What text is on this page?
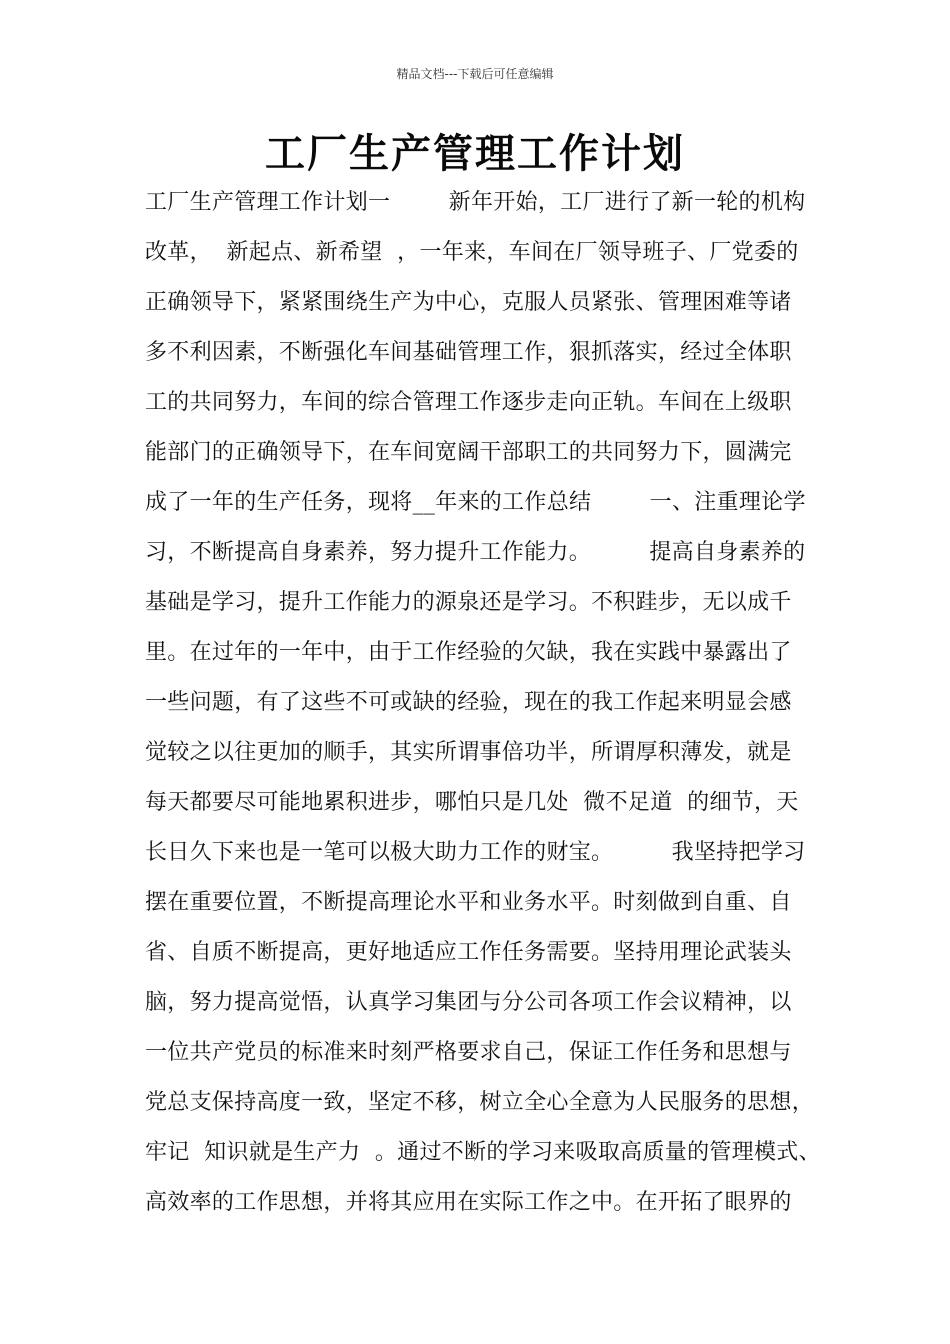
精品文档---下载后可任意编辑
工厂生产管理工作计划
工厂生产管理工作计划一        新年开始，工厂进行了新一轮的机构
改革，  新起点、新希望  ，一年来，车间在厂领导班子、厂党委的
正确领导下，紧紧围绕生产为中心，克服人员紧张、管理困难等诸
多不利因素，不断强化车间基础管理工作，狠抓落实，经过全体职
工的共同努力，车间的综合管理工作逐步走向正轨。车间在上级职
能部门的正确领导下，在车间宽阔干部职工的共同努力下，圆满完
成了一年的生产任务，现将__年来的工作总结        一、注重理论学
习，不断提高自身素养，努力提升工作能力。        提高自身素养的
基础是学习，提升工作能力的源泉还是学习。不积跬步，无以成千
里。在过年的一年中，由于工作经验的欠缺，我在实践中暴露出了
一些问题，有了这些不可或缺的经验，现在的我工作起来明显会感
觉较之以往更加的顺手，其实所谓事倍功半，所谓厚积薄发，就是
每天都要尽可能地累积进步，哪怕只是几处  微不足道  的细节，天
长日久下来也是一笔可以极大助力工作的财宝。        我坚持把学习
摆在重要位置，不断提高理论水平和业务水平。时刻做到自重、自
省、自质不断提高，更好地适应工作任务需要。坚持用理论武装头
脑，努力提高觉悟，认真学习集团与分公司各项工作会议精神，以
一位共产党员的标准来时刻严格要求自己，保证工作任务和思想与
党总支保持高度一致，坚定不移，树立全心全意为人民服务的思想，
牢记  知识就是生产力  。通过不断的学习来吸取高质量的管理模式、
高效率的工作思想，并将其应用在实际工作之中。在开拓了眼界的
